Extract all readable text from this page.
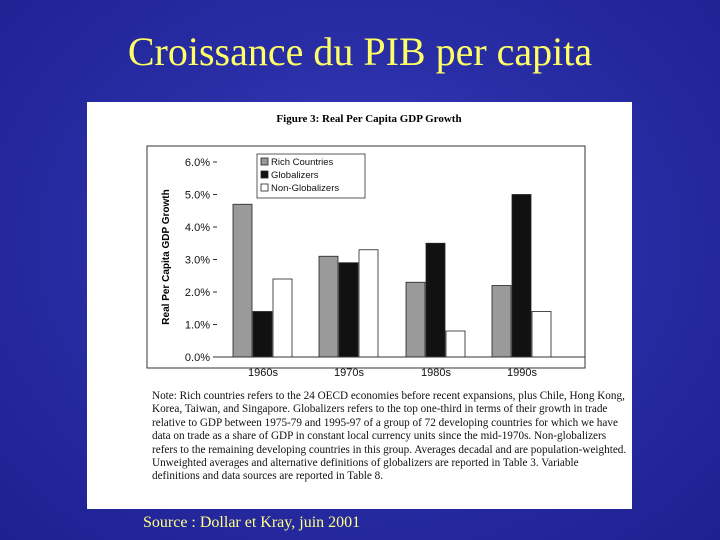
Croissance du PIB per capita
Figure 3: Real Per Capita GDP Growth
Real Per Capita GDP Growth
0.0%
1.0%
2.0%
3.0%
4.0%
5.0%
6.0%
1960s	1970s	1980s	1990s
Rich Countries
Globalizers
Non-Globalizers
Note: Rich countries refers to the 24 OECD economies before recent expansions, plus Chile, Hong Kong, Korea, Taiwan, and Singapore. Globalizers refers to the top one-third in terms of their growth in trade relative to GDP between 1975-79 and 1995-97 of a group of 72 developing countries for which we have data on trade as a share of GDP in constant local currency units since the mid-1970s. Non-globalizers refers to the remaining developing countries in this group. Averages decadal and are population-weighted. Unweighted averages and alternative definitions of globalizers are reported in Table 3. Variable definitions and data sources are reported in Table 8.
Source : Dollar et Kray, juin 2001
